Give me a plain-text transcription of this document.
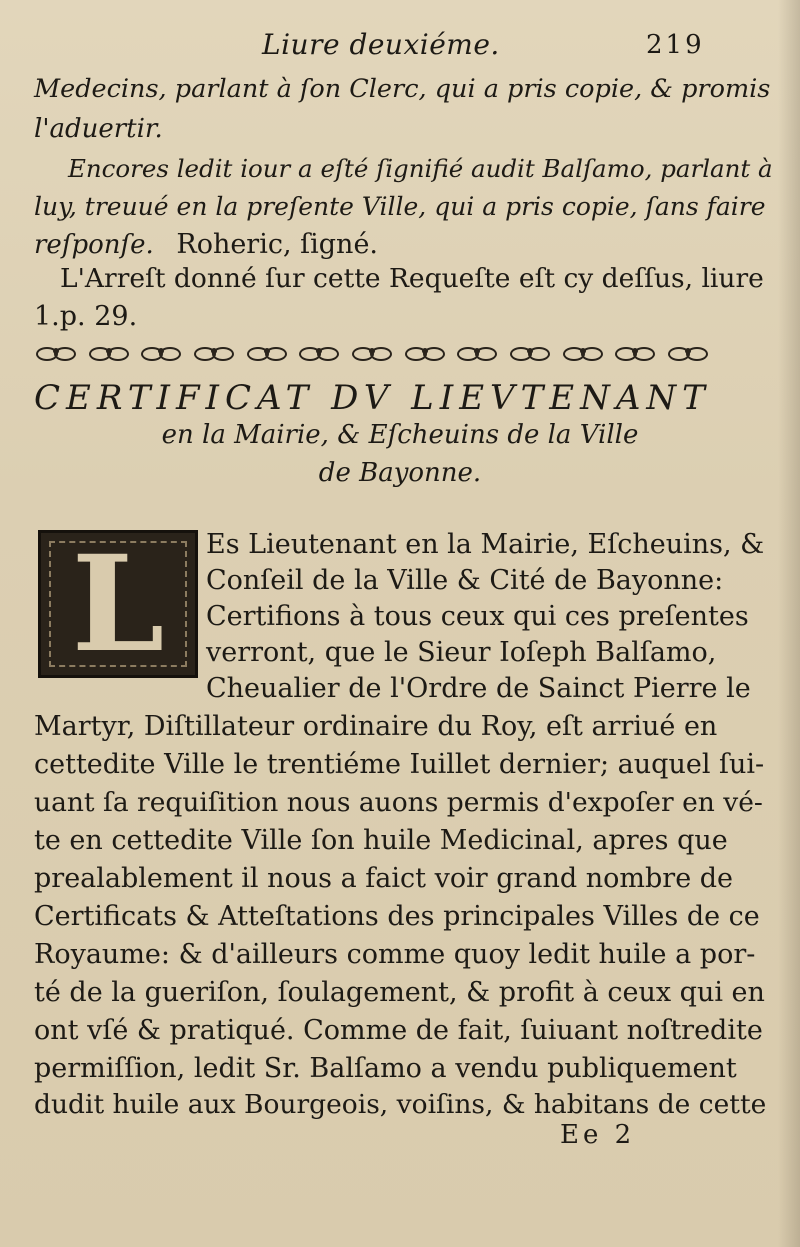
Liure deuxiéme.	219
Medecins, parlant à ſon Clerc, qui a pris copie, & promis
l'aduertir.
Encores ledit iour a eſté ſignifié audit Balſamo, parlant à
luy, treuué en la preſente Ville, qui a pris copie, ſans faire
reſponſe. Roheric, ſigné.
L'Arreſt donné ſur cette Requeſte eſt cy deſſus, liure
1.p. 29.
CERTIFICAT DV LIEVTENANT
en la Mairie, & Eſcheuins de la Ville
de Bayonne.
L	Es Lieutenant en la Mairie, Eſcheuins, &
Conſeil de la Ville & Cité de Bayonne:
Certifions à tous ceux qui ces preſentes
verront, que le Sieur Ioſeph Balſamo,
Cheualier de l'Ordre de Sainct Pierre le
Martyr, Diſtillateur ordinaire du Roy, eſt arriué en
cettedite Ville le trentiéme Iuillet dernier; auquel ſui-
uant ſa requiſition nous auons permis d'expoſer en vé-
te en cettedite Ville ſon huile Medicinal, apres que
prealablement il nous a faict voir grand nombre de
Certificats & Atteſtations des principales Villes de ce
Royaume: & d'ailleurs comme quoy ledit huile a por-
té de la gueriſon, ſoulagement, & profit à ceux qui en
ont vſé & pratiqué. Comme de fait, ſuiuant noſtredite
permiſſion, ledit Sr. Balſamo a vendu publiquement
dudit huile aux Bourgeois, voiſins, & habitans de cette
Ee 2
